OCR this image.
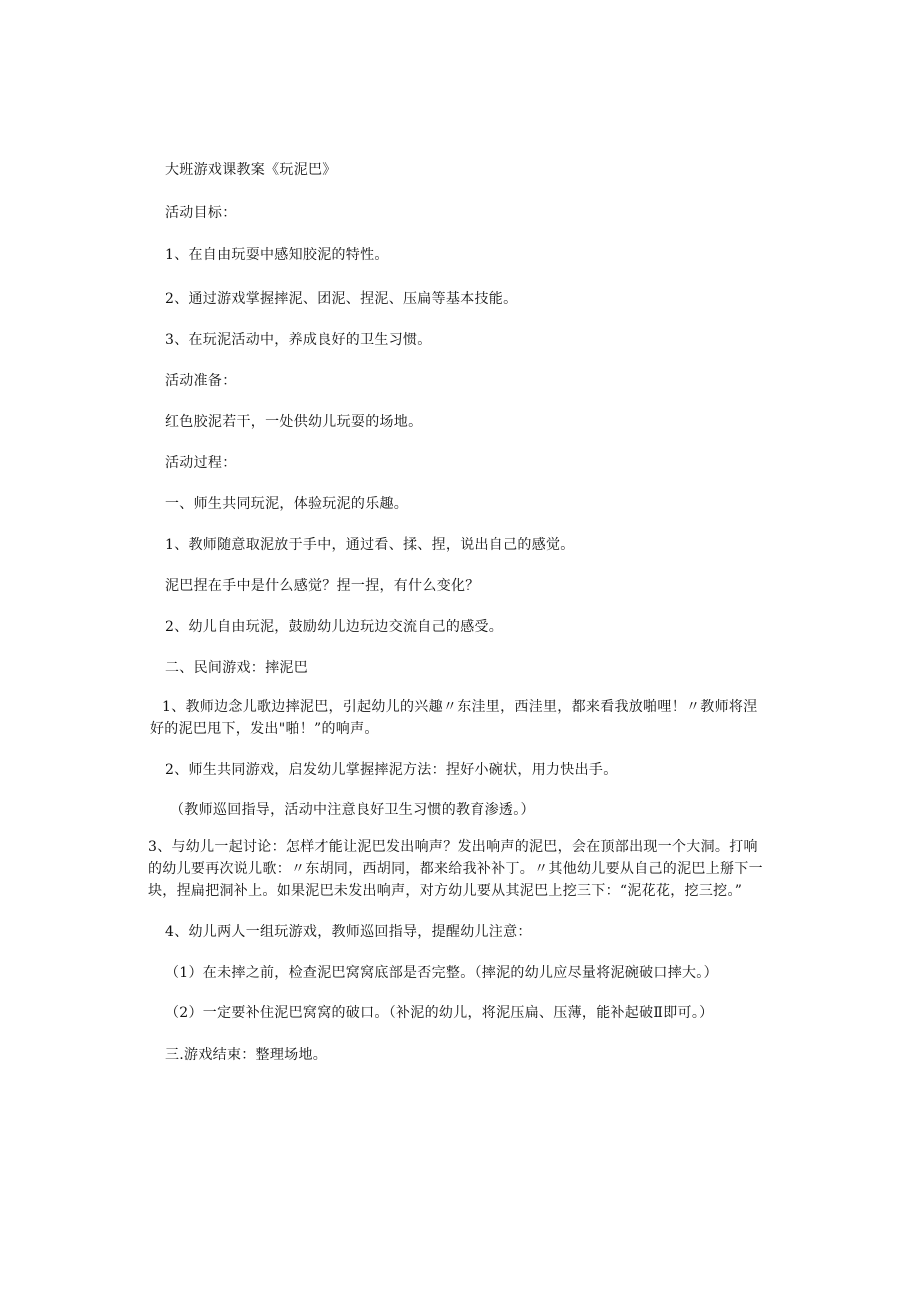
大班游戏课教案《玩泥巴》
活动目标：
1、在自由玩耍中感知胶泥的特性。
2、通过游戏掌握摔泥、团泥、捏泥、压扁等基本技能。
3、在玩泥活动中，养成良好的卫生习惯。
活动准备：
红色胶泥若干，一处供幼儿玩耍的场地。
活动过程：
一、师生共同玩泥，体验玩泥的乐趣。
1、教师随意取泥放于手中，通过看、揉、捏，说出自己的感觉。
泥巴捏在手中是什么感觉？捏一捏，有什么变化？
2、幼儿自由玩泥，鼓励幼儿边玩边交流自己的感受。
二、民间游戏：摔泥巴
1、教师边念儿歌边摔泥巴，引起幼儿的兴趣〃东洼里，西洼里，都来看我放啪哩！〃教师将涅好的泥巴甩下，发出"啪！”的响声。
2、师生共同游戏，启发幼儿掌握摔泥方法：捏好小碗状，用力快出手。
（教师巡回指导，活动中注意良好卫生习惯的教育渗透。）
3、与幼儿一起讨论：怎样才能让泥巴发出响声？发出响声的泥巴，会在顶部出现一个大洞。打响的幼儿要再次说儿歌：〃东胡同，西胡同，都来给我补补丁。〃其他幼儿要从自己的泥巴上掰下一块，捏扁把洞补上。如果泥巴未发出响声，对方幼儿要从其泥巴上挖三下：“泥花花，挖三挖。”
4、幼儿两人一组玩游戏，教师巡回指导，提醒幼儿注意：
（1）在未摔之前，检查泥巴窝窝底部是否完整。（摔泥的幼儿应尽量将泥碗破口摔大。）
（2）一定要补住泥巴窝窝的破口。（补泥的幼儿，将泥压扁、压薄，能补起破Ⅱ即可。）
三.游戏结束：整理场地。
